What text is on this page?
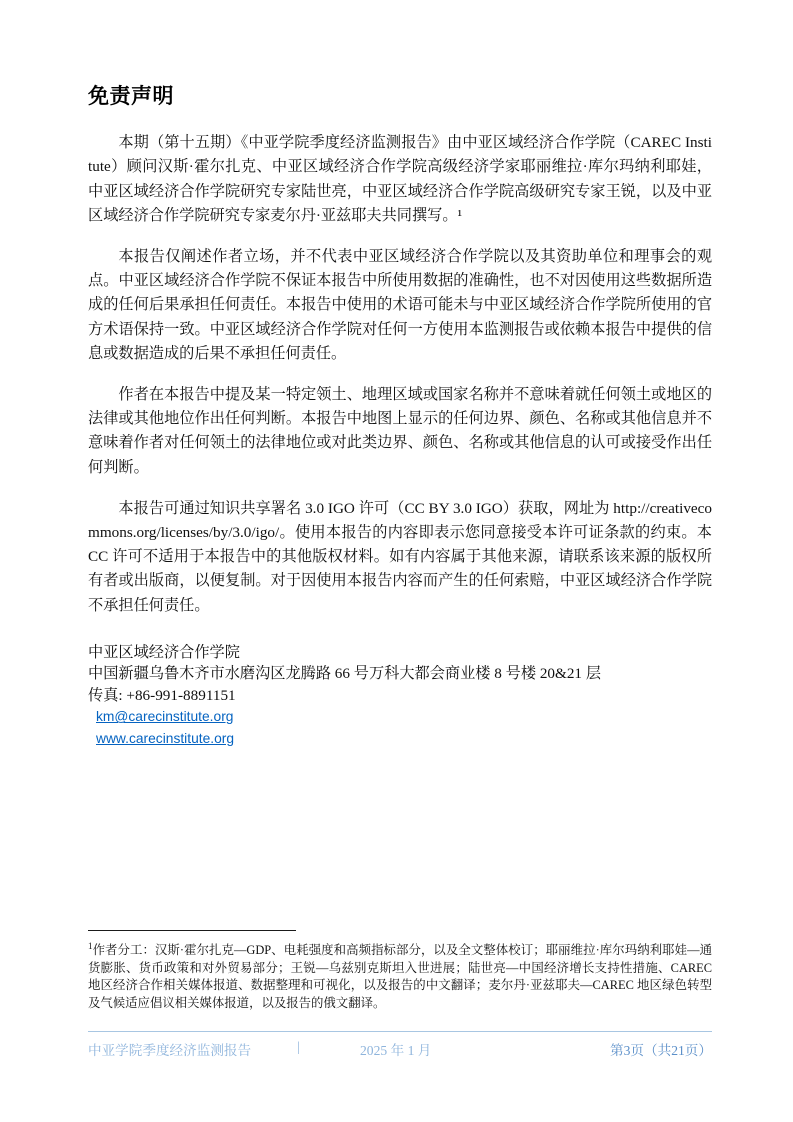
免责声明

本期（第十五期）《中亚学院季度经济监测报告》由中亚区域经济合作学院（CAREC Institute）顾问汉斯·霍尔扎克、中亚区域经济合作学院高级经济学家耶丽维拉·库尔玛纳利耶娃，中亚区域经济合作学院研究专家陆世亮，中亚区域经济合作学院高级研究专家王锐，以及中亚区域经济合作学院研究专家麦尔丹·亚兹耶夫共同撰写。¹

本报告仅阐述作者立场，并不代表中亚区域经济合作学院以及其资助单位和理事会的观点。中亚区域经济合作学院不保证本报告中所使用数据的准确性，也不对因使用这些数据所造成的任何后果承担任何责任。本报告中使用的术语可能未与中亚区域经济合作学院所使用的官方术语保持一致。中亚区域经济合作学院对任何一方使用本监测报告或依赖本报告中提供的信息或数据造成的后果不承担任何责任。

作者在本报告中提及某一特定领土、地理区域或国家名称并不意味着就任何领土或地区的法律或其他地位作出任何判断。本报告中地图上显示的任何边界、颜色、名称或其他信息并不意味着作者对任何领土的法律地位或对此类边界、颜色、名称或其他信息的认可或接受作出任何判断。

本报告可通过知识共享署名 3.0 IGO 许可（CC BY 3.0 IGO）获取，网址为 http://creativecommons.org/licenses/by/3.0/igo/。使用本报告的内容即表示您同意接受本许可证条款的约束。本 CC 许可不适用于本报告中的其他版权材料。如有内容属于其他来源，请联系该来源的版权所有者或出版商，以便复制。对于因使用本报告内容而产生的任何索赔，中亚区域经济合作学院不承担任何责任。

中亚区域经济合作学院
中国新疆乌鲁木齐市水磨沟区龙腾路 66 号万科大都会商业楼 8 号楼 20&21 层
传真: +86-991-8891151
km@carecinstitute.org
www.carecinstitute.org

$^1$作者分工：汉斯·霍尔扎克—GDP、电耗强度和高频指标部分，以及全文整体校订；耶丽维拉·库尔玛纳利耶娃—通货膨胀、货币政策和对外贸易部分；王锐—乌兹别克斯坦入世进展；陆世亮—中国经济增长支持性措施、CAREC 地区经济合作相关媒体报道、数据整理和可视化，以及报告的中文翻译；麦尔丹·亚兹耶夫—CAREC 地区绿色转型及气候适应倡议相关媒体报道，以及报告的俄文翻译。

中亚学院季度经济监测报告	|	2025 年 1 月	第3页（共21页）
